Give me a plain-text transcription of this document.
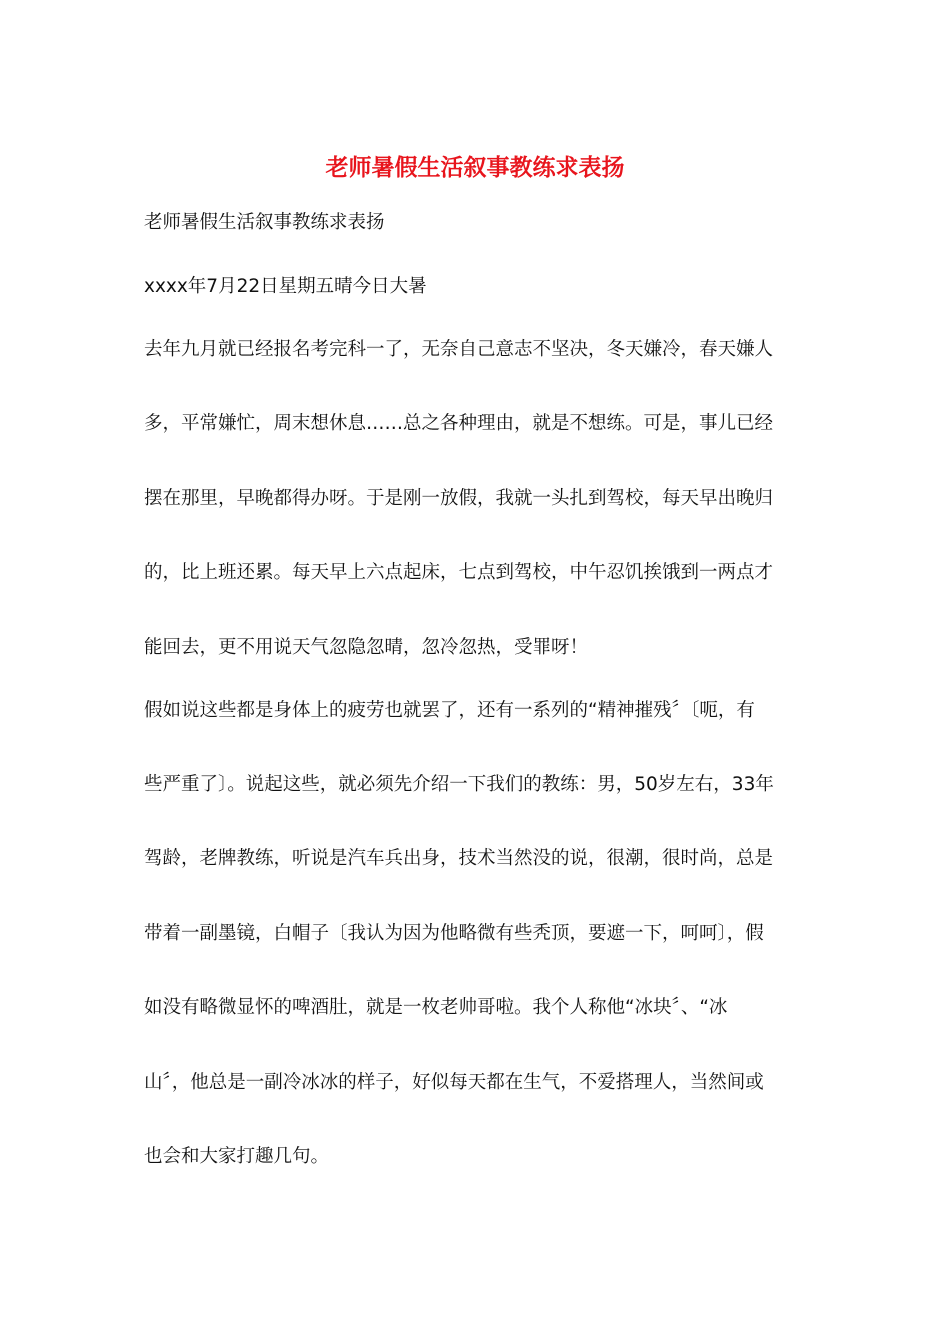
老师暑假生活叙事教练求表扬
老师暑假生活叙事教练求表扬
xxxx年7月22日星期五晴今日大暑
去年九月就已经报名考完科一了，无奈自己意志不坚决，冬天嫌冷，春天嫌人
多，平常嫌忙，周末想休息……总之各种理由，就是不想练。可是，事儿已经
摆在那里，早晚都得办呀。于是刚一放假，我就一头扎到驾校，每天早出晚归
的，比上班还累。每天早上六点起床，七点到驾校，中午忍饥挨饿到一两点才
能回去，更不用说天气忽隐忽晴，忽冷忽热，受罪呀！
假如说这些都是身体上的疲劳也就罢了，还有一系列的“精神摧残〞〔呃，有
些严重了〕。说起这些，就必须先介绍一下我们的教练：男，50岁左右，33年
驾龄，老牌教练，听说是汽车兵出身，技术当然没的说，很潮，很时尚，总是
带着一副墨镜，白帽子〔我认为因为他略微有些秃顶，要遮一下，呵呵〕，假
如没有略微显怀的啤酒肚，就是一枚老帅哥啦。我个人称他“冰块〞、“冰
山〞，他总是一副冷冰冰的样子，好似每天都在生气，不爱搭理人，当然间或
也会和大家打趣几句。
